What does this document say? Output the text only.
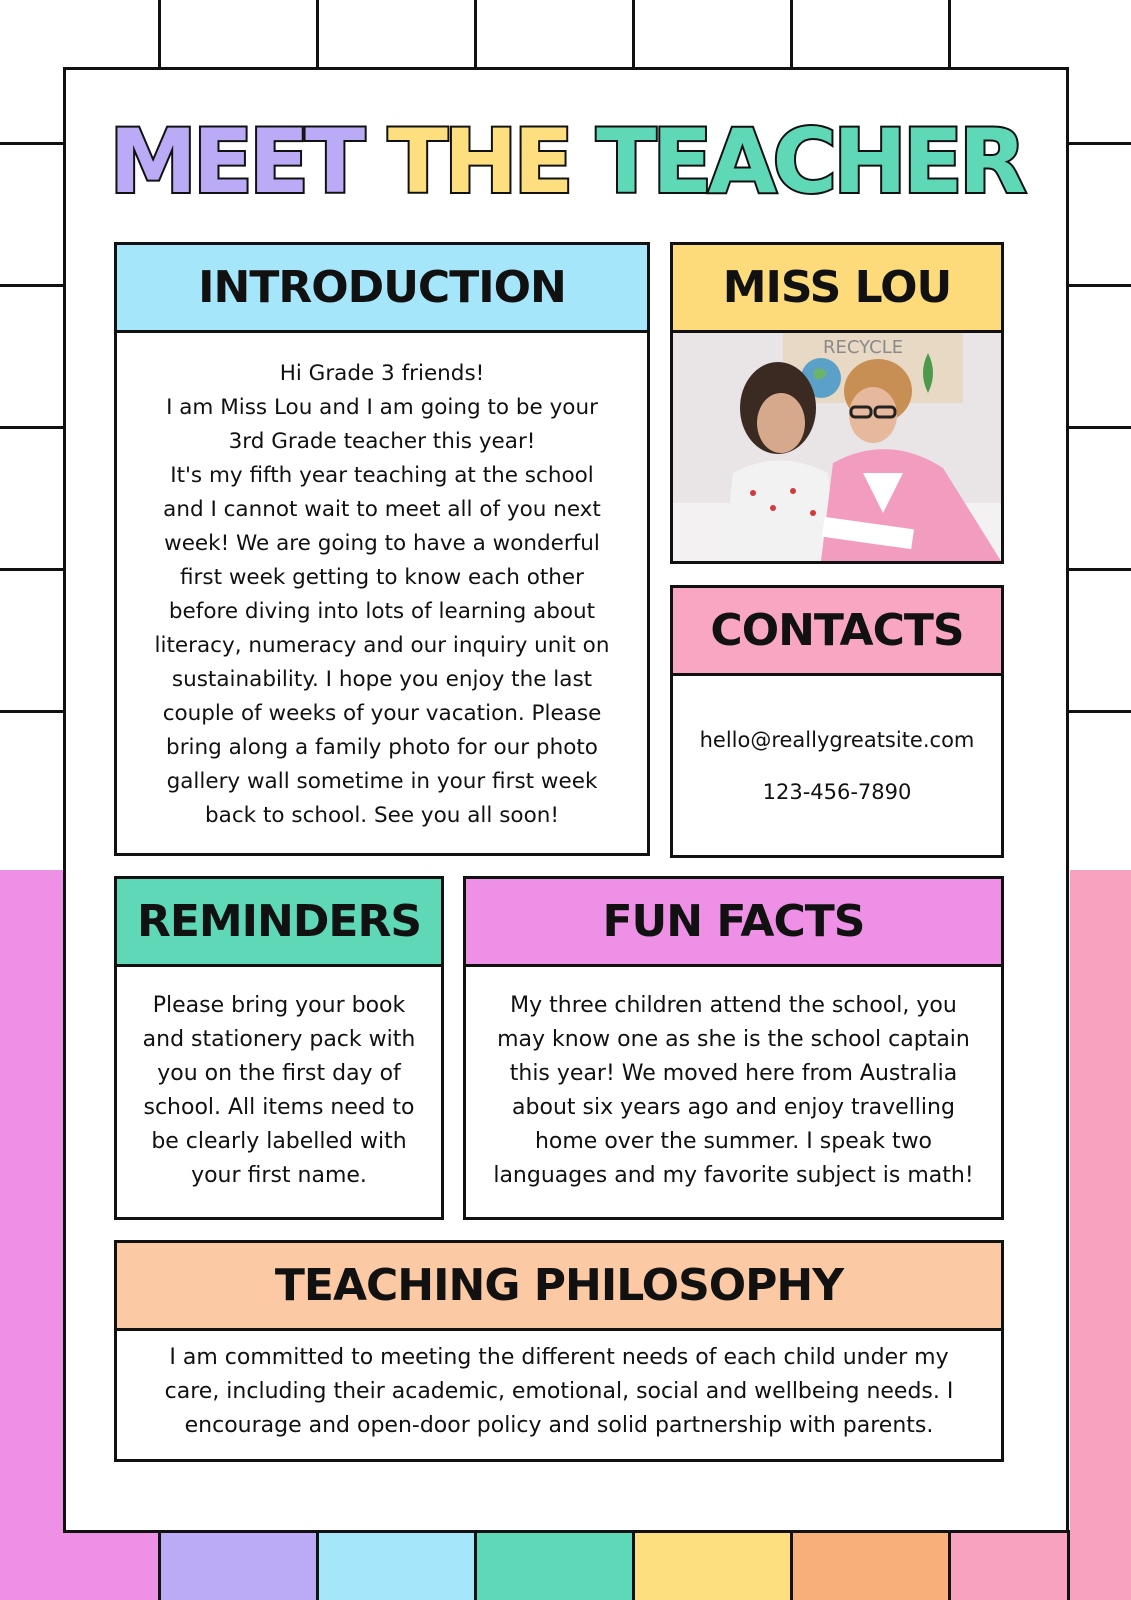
MEET THE TEACHER
INTRODUCTION
Hi Grade 3 friends!
I am Miss Lou and I am going to be your
3rd Grade teacher this year!
It's my fifth year teaching at the school
and I cannot wait to meet all of you next
week! We are going to have a wonderful
first week getting to know each other
before diving into lots of learning about
literacy, numeracy and our inquiry unit on
sustainability. I hope you enjoy the last
couple of weeks of your vacation. Please
bring along a family photo for our photo
gallery wall sometime in your first week
back to school. See you all soon!
MISS LOU
RECYCLE
CONTACTS
hello@reallygreatsite.com
123-456-7890
REMINDERS
Please bring your book
and stationery pack with
you on the first day of
school. All items need to
be clearly labelled with
your first name.
FUN FACTS
My three children attend the school, you
may know one as she is the school captain
this year! We moved here from Australia
about six years ago and enjoy travelling
home over the summer. I speak two
languages and my favorite subject is math!
TEACHING PHILOSOPHY
I am committed to meeting the different needs of each child under my
care, including their academic, emotional, social and wellbeing needs. I
encourage and open-door policy and solid partnership with parents.
